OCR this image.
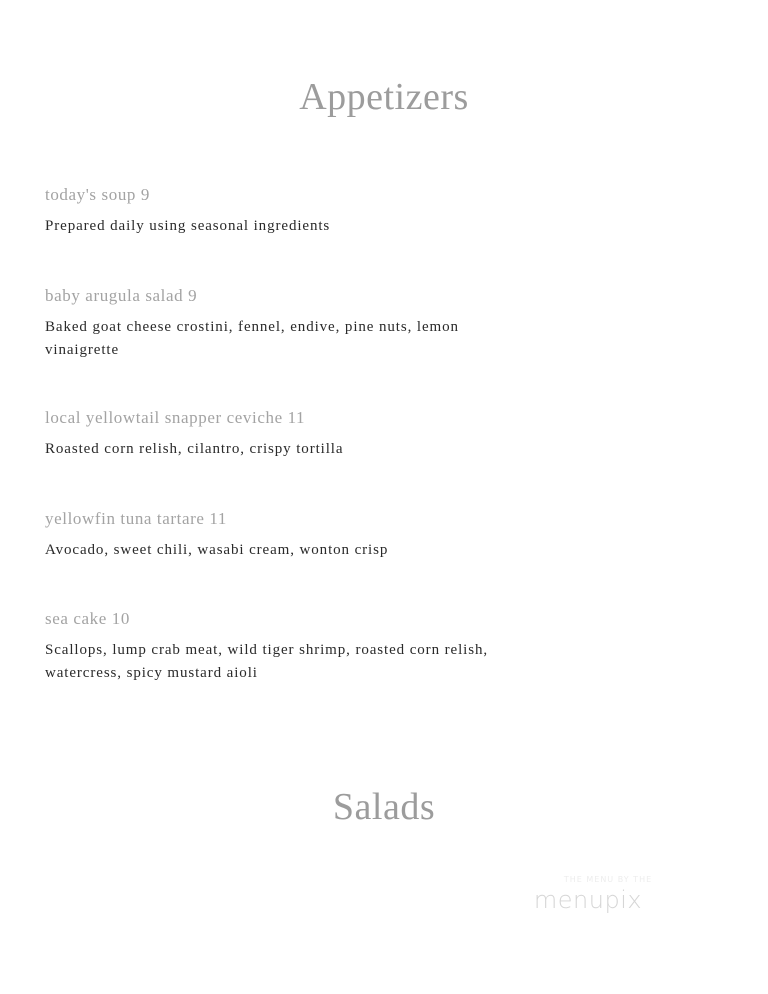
Appetizers

today's soup 9

Prepared daily using seasonal ingredients

baby arugula salad 9

Baked goat cheese crostini, fennel, endive, pine nuts, lemon vinaigrette

local yellowtail snapper ceviche 11

Roasted corn relish, cilantro, crispy tortilla

yellowfin tuna tartare 11

Avocado, sweet chili, wasabi cream, wonton crisp

sea cake 10

Scallops, lump crab meat, wild tiger shrimp, roasted corn relish, watercress, spicy mustard aioli

Salads

THE MENU BY THE

menupix
